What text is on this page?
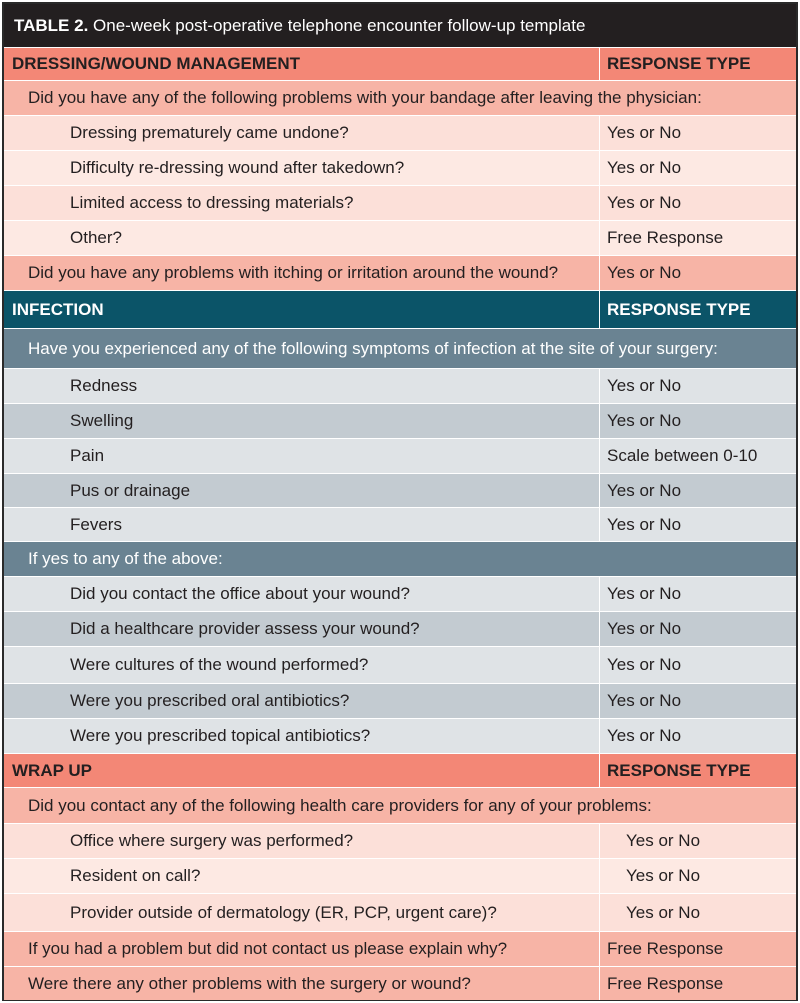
TABLE 2. One-week post-operative telephone encounter follow-up template
DRESSING/WOUND MANAGEMENT	RESPONSE TYPE
Did you have any of the following problems with your bandage after leaving the physician:
Dressing prematurely came undone?	Yes or No
Difficulty re-dressing wound after takedown?	Yes or No
Limited access to dressing materials?	Yes or No
Other?	Free Response
Did you have any problems with itching or irritation around the wound?	Yes or No
INFECTION	RESPONSE TYPE
Have you experienced any of the following symptoms of infection at the site of your surgery:
Redness	Yes or No
Swelling	Yes or No
Pain	Scale between 0-10
Pus or drainage	Yes or No
Fevers	Yes or No
If yes to any of the above:
Did you contact the office about your wound?	Yes or No
Did a healthcare provider assess your wound?	Yes or No
Were cultures of the wound performed?	Yes or No
Were you prescribed oral antibiotics?	Yes or No
Were you prescribed topical antibiotics?	Yes or No
WRAP UP	RESPONSE TYPE
Did you contact any of the following health care providers for any of your problems:
Office where surgery was performed?	Yes or No
Resident on call?	Yes or No
Provider outside of dermatology (ER, PCP, urgent care)?	Yes or No
If you had a problem but did not contact us please explain why?	Free Response
Were there any other problems with the surgery or wound?	Free Response
